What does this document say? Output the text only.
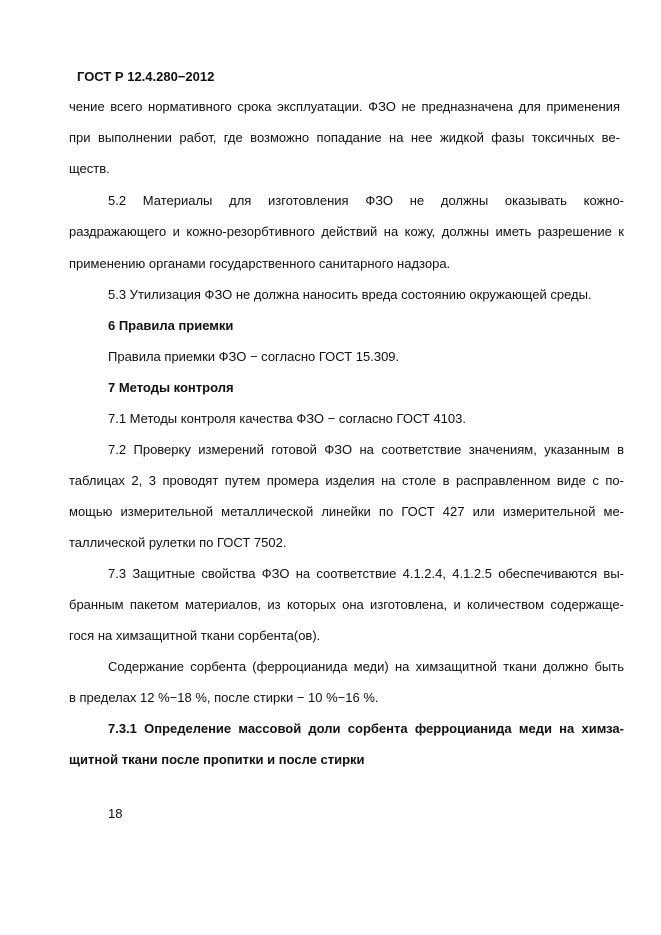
ГОСТ Р 12.4.280−2012
чение всего нормативного срока эксплуатации. ФЗО не предназначена для применения
при выполнении работ, где возможно попадание на нее жидкой фазы токсичных ве-
ществ.
5.2 Материалы для изготовления ФЗО не должны оказывать кожно-
раздражающего и кожно-резорбтивного действий на кожу, должны иметь разрешение к
применению органами государственного санитарного надзора.
5.3 Утилизация ФЗО не должна наносить вреда состоянию окружающей среды.
6 Правила приемки
Правила приемки ФЗО − согласно ГОСТ 15.309.
7 Методы контроля
7.1 Методы контроля качества ФЗО − согласно ГОСТ 4103.
7.2 Проверку измерений готовой ФЗО на соответствие значениям, указанным в
таблицах 2, 3 проводят путем промера изделия на столе в расправленном виде с по-
мощью измерительной металлической линейки по ГОСТ 427 или измерительной ме-
таллической рулетки по ГОСТ 7502.
7.3 Защитные свойства ФЗО на соответствие 4.1.2.4, 4.1.2.5 обеспечиваются вы-
бранным пакетом материалов, из которых она изготовлена, и количеством содержаще-
гося на химзащитной ткани сорбента(ов).
Содержание сорбента (ферроцианида меди) на химзащитной ткани должно быть
в пределах 12 %−18 %, после стирки − 10 %−16 %.
7.3.1 Определение массовой доли сорбента ферроцианида меди на химза-
щитной ткани после пропитки и после стирки
18
